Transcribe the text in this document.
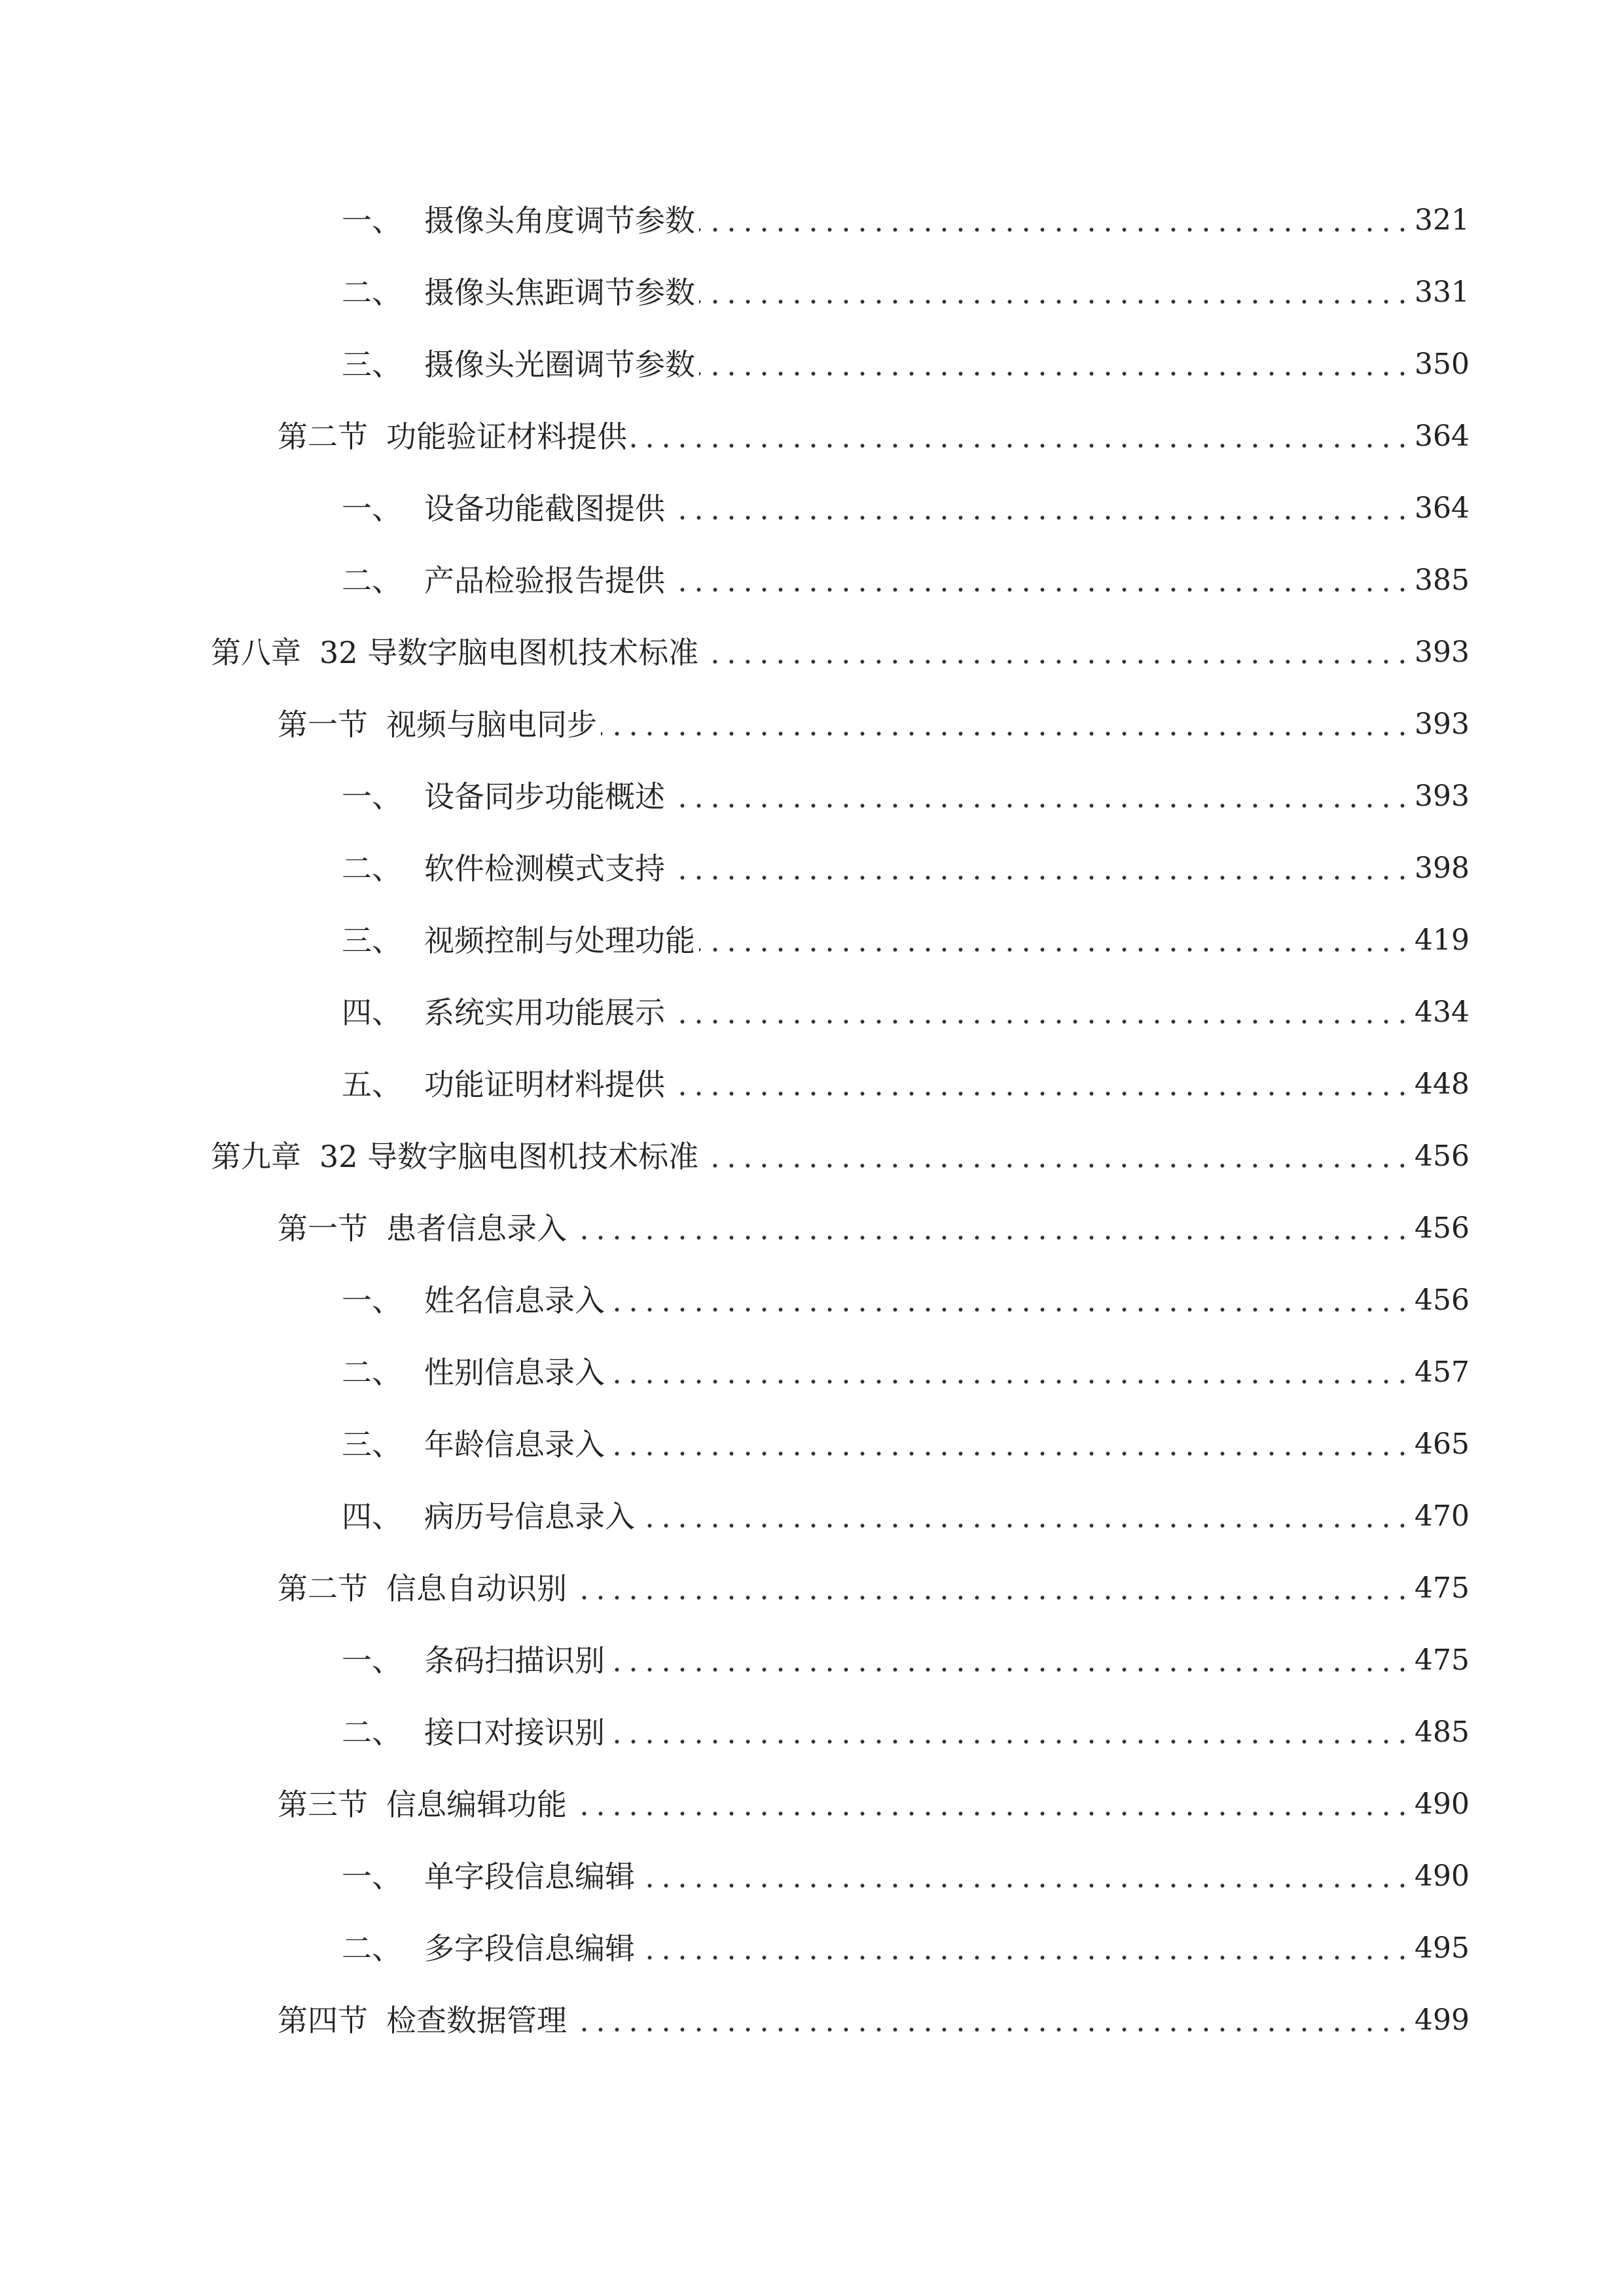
一、 摄像头角度调节参数	321
二、 摄像头焦距调节参数	331
三、 摄像头光圈调节参数	350
第二节 功能验证材料提供	364
一、 设备功能截图提供	364
二、 产品检验报告提供	385
第八章 32 导数字脑电图机技术标准	393
第一节 视频与脑电同步	393
一、 设备同步功能概述	393
二、 软件检测模式支持	398
三、 视频控制与处理功能	419
四、 系统实用功能展示	434
五、 功能证明材料提供	448
第九章 32 导数字脑电图机技术标准	456
第一节 患者信息录入	456
一、 姓名信息录入	456
二、 性别信息录入	457
三、 年龄信息录入	465
四、 病历号信息录入	470
第二节 信息自动识别	475
一、 条码扫描识别	475
二、 接口对接识别	485
第三节 信息编辑功能	490
一、 单字段信息编辑	490
二、 多字段信息编辑	495
第四节 检查数据管理	499
